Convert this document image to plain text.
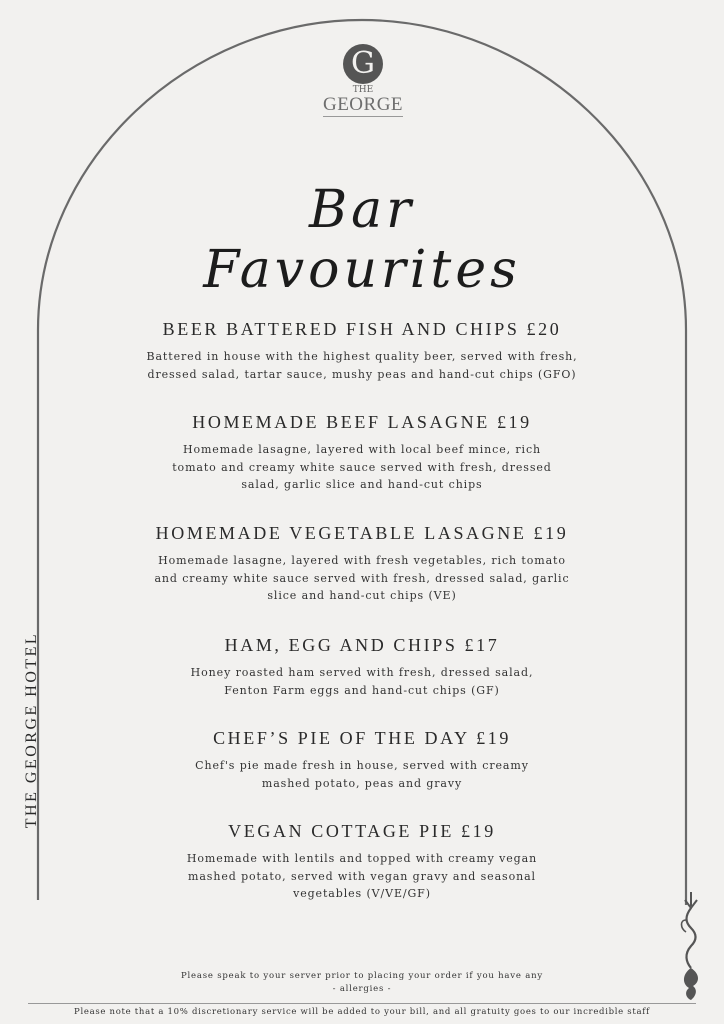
G
THE
GEORGE
Bar Favourites
THE GEORGE HOTEL
BEER BATTERED FISH AND CHIPS £20
Battered in house with the highest quality beer, served with fresh,
dressed salad, tartar sauce, mushy peas and hand-cut chips (GFO)
HOMEMADE BEEF LASAGNE £19
Homemade lasagne, layered with local beef mince, rich
tomato and creamy white sauce served with fresh, dressed
salad, garlic slice and hand-cut chips
HOMEMADE VEGETABLE LASAGNE £19
Homemade lasagne, layered with fresh vegetables, rich tomato
and creamy white sauce served with fresh, dressed salad, garlic
slice and hand-cut chips (VE)
HAM, EGG AND CHIPS £17
Honey roasted ham served with fresh, dressed salad,
Fenton Farm eggs and hand-cut chips (GF)
CHEF’S PIE OF THE DAY £19
Chef's pie made fresh in house, served with creamy
mashed potato, peas and gravy
VEGAN COTTAGE PIE £19
Homemade with lentils and topped with creamy vegan
mashed potato, served with vegan gravy and seasonal
vegetables (V/VE/GF)
Please speak to your server prior to placing your order if you have any
- allergies -
Please note that a 10% discretionary service will be added to your bill, and all gratuity goes to our incredible staff
